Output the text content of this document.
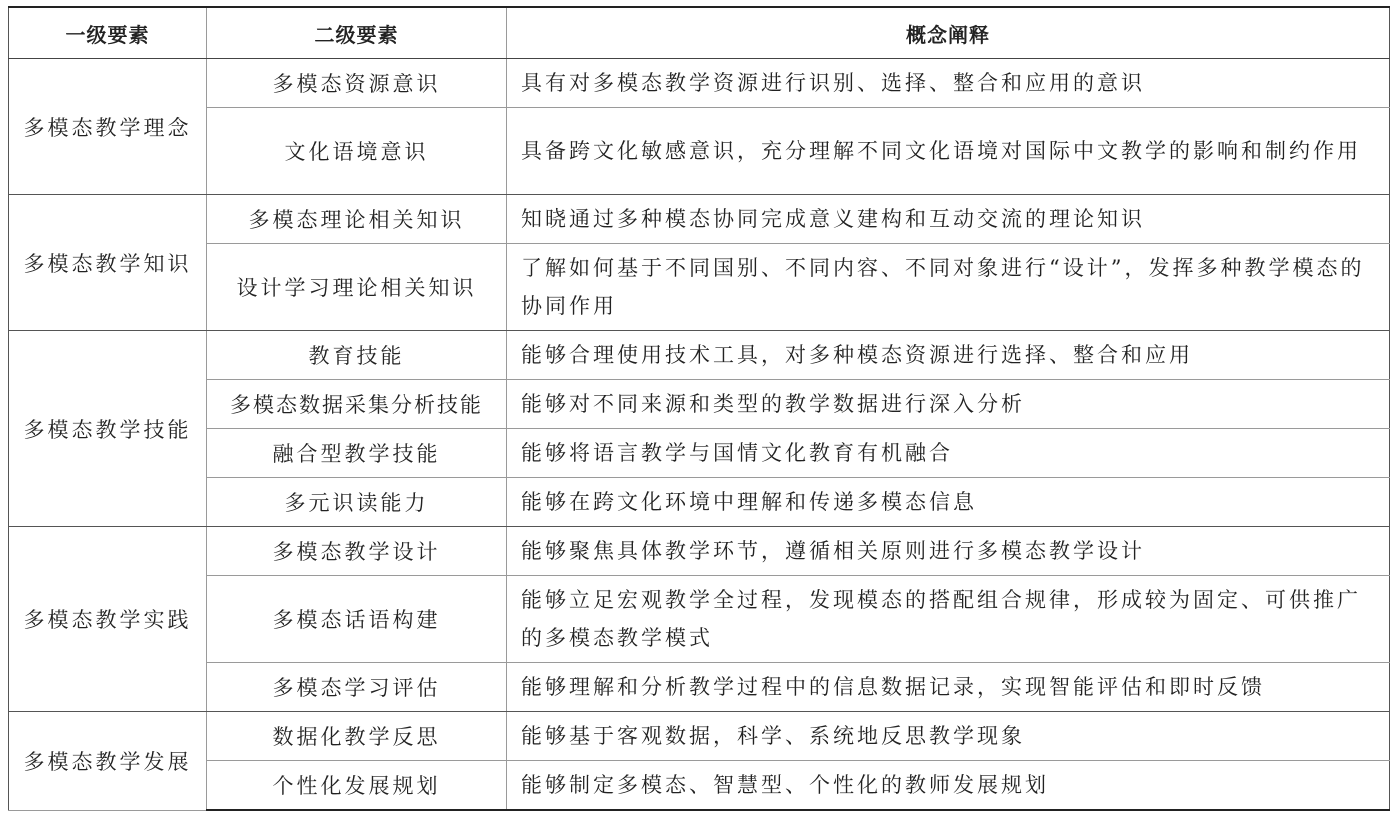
一级要素	二级要素	概念阐释
多模态教学理念	多模态资源意识	具有对多模态教学资源进行识别、选择、整合和应用的意识
	文化语境意识	具备跨文化敏感意识，充分理解不同文化语境对国际中文教学的影响和制约作用
多模态教学知识	多模态理论相关知识	知晓通过多种模态协同完成意义建构和互动交流的理论知识
	设计学习理论相关知识	了解如何基于不同国别、不同内容、不同对象进行“设计”，发挥多种教学模态的协同作用
多模态教学技能	教育技能	能够合理使用技术工具，对多种模态资源进行选择、整合和应用
	多模态数据采集分析技能	能够对不同来源和类型的教学数据进行深入分析
	融合型教学技能	能够将语言教学与国情文化教育有机融合
	多元识读能力	能够在跨文化环境中理解和传递多模态信息
多模态教学实践	多模态教学设计	能够聚焦具体教学环节，遵循相关原则进行多模态教学设计
	多模态话语构建	能够立足宏观教学全过程，发现模态的搭配组合规律，形成较为固定、可供推广的多模态教学模式
	多模态学习评估	能够理解和分析教学过程中的信息数据记录，实现智能评估和即时反馈
多模态教学发展	数据化教学反思	能够基于客观数据，科学、系统地反思教学现象
	个性化发展规划	能够制定多模态、智慧型、个性化的教师发展规划
